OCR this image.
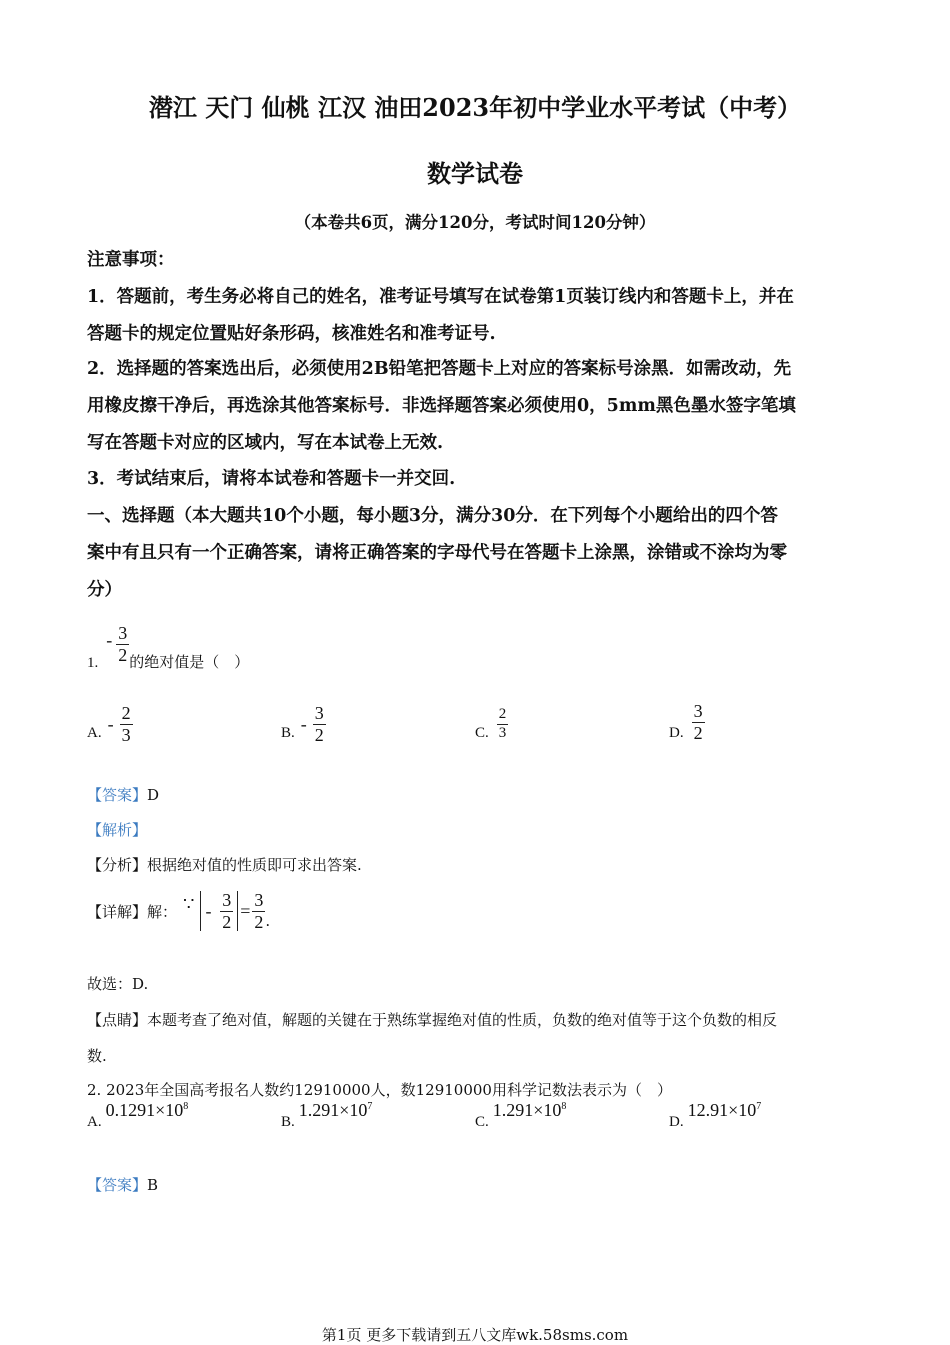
潜江 天门 仙桃 江汉 油田2023年初中学业水平考试（中考）
数学试卷
（本卷共6页，满分120分，考试时间120分钟）
注意事项：
1．答题前，考生务必将自己的姓名，准考证号填写在试卷第1页装订线内和答题卡上，并在
答题卡的规定位置贴好条形码，核准姓名和准考证号.
2．选择题的答案选出后，必须使用2B铅笔把答题卡上对应的答案标号涂黑．如需改动，先
用橡皮擦干净后，再选涂其他答案标号．非选择题答案必须使用0，5mm黑色墨水签字笔填
写在答题卡对应的区域内，写在本试卷上无效.
3．考试结束后，请将本试卷和答题卡一并交回.
一、选择题（本大题共10个小题，每小题3分，满分30分．在下列每个小题给出的四个答
案中有且只有一个正确答案，请将正确答案的字母代号在答题卡上涂黑，涂错或不涂均为零
分）
1.
- $\frac{3}{2}$ 的绝对值是（　）
A. - $\frac{2}{3}$	B. - $\frac{3}{2}$	C. $\frac{2}{3}$	D. $\frac{3}{2}$
【答案】D
【解析】
【分析】根据绝对值的性质即可求出答案.
【详解】 解： ∵ - $\frac{3}{2} = \frac{3}{2}$ .
故选：D.
【点睛】本题考查了绝对值，解题的关键在于熟练掌握绝对值的性质，负数的绝对值等于这个负数的相反
数.
2. 2023年全国高考报名人数约12910000人，数12910000用科学记数法表示为（　）
A.
$0.1291\times 10^8$
B.
$1.291\times 10^7$
C.
$1.291\times 10^8$
D.
$12.91\times 10^7$
【答案】B
第1页 更多下载请到五八文库wk.58sms.com
